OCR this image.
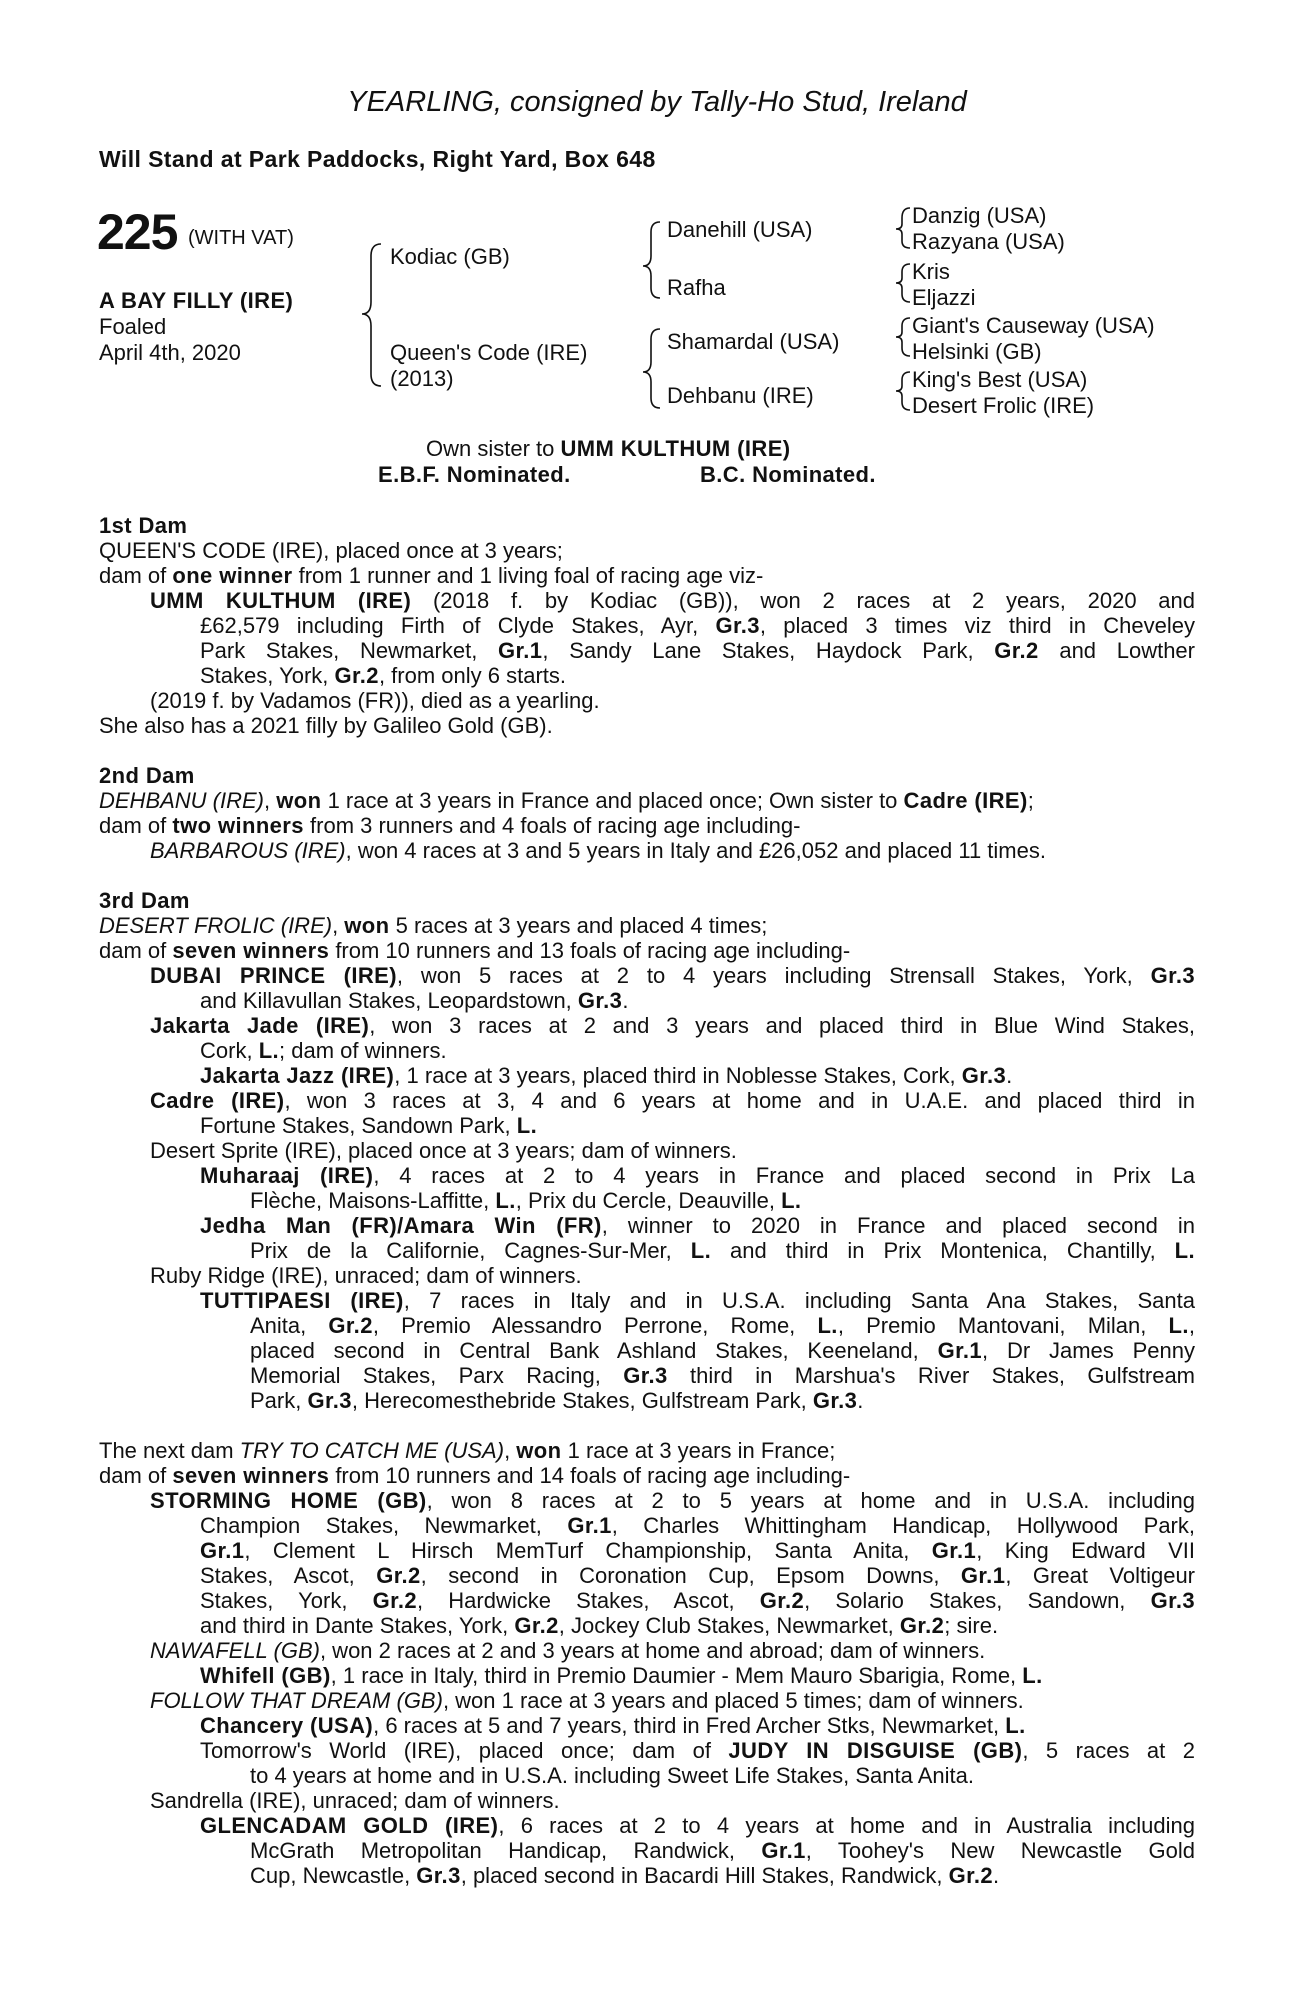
YEARLING, consigned by Tally-Ho Stud, Ireland
Will Stand at Park Paddocks, Right Yard, Box 648
225 (WITH VAT)
A BAY FILLY (IRE)
Foaled
April 4th, 2020
Kodiac (GB)
Queen's Code (IRE)
(2013)
Danehill (USA)
Rafha
Shamardal (USA)
Dehbanu (IRE)
Danzig (USA)
Razyana (USA)
Kris
Eljazzi
Giant's Causeway (USA)
Helsinki (GB)
King's Best (USA)
Desert Frolic (IRE)
Own sister to UMM KULTHUM (IRE)
E.B.F. Nominated.	B.C. Nominated.
1st Dam
QUEEN'S CODE (IRE), placed once at 3 years;
dam of one winner from 1 runner and 1 living foal of racing age viz-
UMM KULTHUM (IRE) (2018 f. by Kodiac (GB)), won 2 races at 2 years, 2020 and
£62,579 including Firth of Clyde Stakes, Ayr, Gr.3, placed 3 times viz third in Cheveley
Park Stakes, Newmarket, Gr.1, Sandy Lane Stakes, Haydock Park, Gr.2 and Lowther
Stakes, York, Gr.2, from only 6 starts.
(2019 f. by Vadamos (FR)), died as a yearling.
She also has a 2021 filly by Galileo Gold (GB).
2nd Dam
DEHBANU (IRE), won 1 race at 3 years in France and placed once; Own sister to Cadre (IRE);
dam of two winners from 3 runners and 4 foals of racing age including-
BARBAROUS (IRE), won 4 races at 3 and 5 years in Italy and £26,052 and placed 11 times.
3rd Dam
DESERT FROLIC (IRE), won 5 races at 3 years and placed 4 times;
dam of seven winners from 10 runners and 13 foals of racing age including-
DUBAI PRINCE (IRE), won 5 races at 2 to 4 years including Strensall Stakes, York, Gr.3
and Killavullan Stakes, Leopardstown, Gr.3.
Jakarta Jade (IRE), won 3 races at 2 and 3 years and placed third in Blue Wind Stakes,
Cork, L.; dam of winners.
Jakarta Jazz (IRE), 1 race at 3 years, placed third in Noblesse Stakes, Cork, Gr.3.
Cadre (IRE), won 3 races at 3, 4 and 6 years at home and in U.A.E. and placed third in
Fortune Stakes, Sandown Park, L.
Desert Sprite (IRE), placed once at 3 years; dam of winners.
Muharaaj (IRE), 4 races at 2 to 4 years in France and placed second in Prix La
Flèche, Maisons-Laffitte, L., Prix du Cercle, Deauville, L.
Jedha Man (FR)/Amara Win (FR), winner to 2020 in France and placed second in
Prix de la Californie, Cagnes-Sur-Mer, L. and third in Prix Montenica, Chantilly, L.
Ruby Ridge (IRE), unraced; dam of winners.
TUTTIPAESI (IRE), 7 races in Italy and in U.S.A. including Santa Ana Stakes, Santa
Anita, Gr.2, Premio Alessandro Perrone, Rome, L., Premio Mantovani, Milan, L.,
placed second in Central Bank Ashland Stakes, Keeneland, Gr.1, Dr James Penny
Memorial Stakes, Parx Racing, Gr.3 third in Marshua's River Stakes, Gulfstream
Park, Gr.3, Herecomesthebride Stakes, Gulfstream Park, Gr.3.
The next dam TRY TO CATCH ME (USA), won 1 race at 3 years in France;
dam of seven winners from 10 runners and 14 foals of racing age including-
STORMING HOME (GB), won 8 races at 2 to 5 years at home and in U.S.A. including
Champion Stakes, Newmarket, Gr.1, Charles Whittingham Handicap, Hollywood Park,
Gr.1, Clement L Hirsch MemTurf Championship, Santa Anita, Gr.1, King Edward VII
Stakes, Ascot, Gr.2, second in Coronation Cup, Epsom Downs, Gr.1, Great Voltigeur
Stakes, York, Gr.2, Hardwicke Stakes, Ascot, Gr.2, Solario Stakes, Sandown, Gr.3
and third in Dante Stakes, York, Gr.2, Jockey Club Stakes, Newmarket, Gr.2; sire.
NAWAFELL (GB), won 2 races at 2 and 3 years at home and abroad; dam of winners.
Whifell (GB), 1 race in Italy, third in Premio Daumier - Mem Mauro Sbarigia, Rome, L.
FOLLOW THAT DREAM (GB), won 1 race at 3 years and placed 5 times; dam of winners.
Chancery (USA), 6 races at 5 and 7 years, third in Fred Archer Stks, Newmarket, L.
Tomorrow's World (IRE), placed once; dam of JUDY IN DISGUISE (GB), 5 races at 2
to 4 years at home and in U.S.A. including Sweet Life Stakes, Santa Anita.
Sandrella (IRE), unraced; dam of winners.
GLENCADAM GOLD (IRE), 6 races at 2 to 4 years at home and in Australia including
McGrath Metropolitan Handicap, Randwick, Gr.1, Toohey's New Newcastle Gold
Cup, Newcastle, Gr.3, placed second in Bacardi Hill Stakes, Randwick, Gr.2.
